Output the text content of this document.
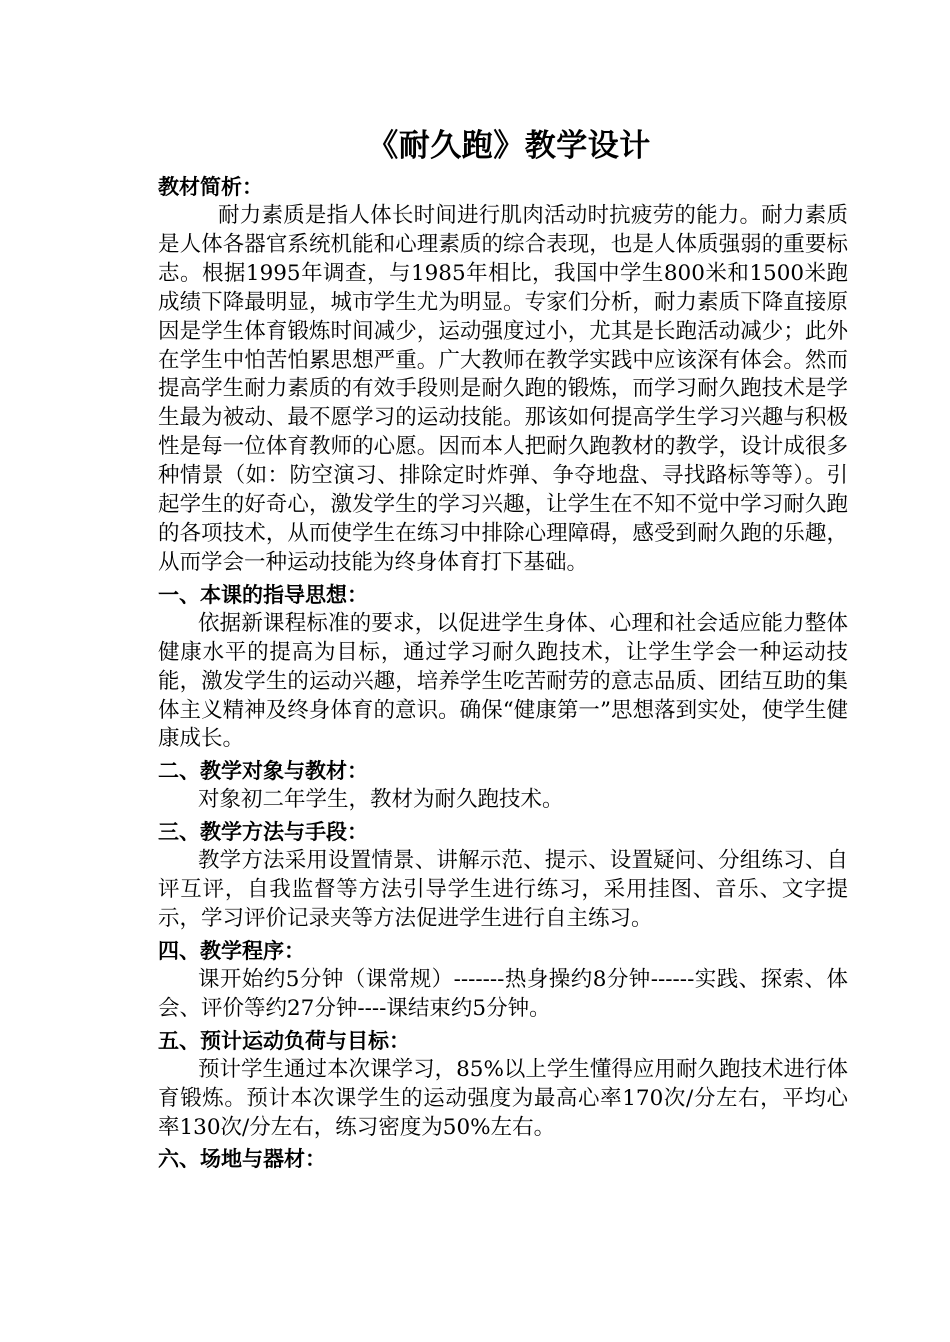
《耐久跑》教学设计
教材简析：

耐力素质是指人体长时间进行肌肉活动时抗疲劳的能力。耐力素质是人体各器官系统机能和心理素质的综合表现，也是人体质强弱的重要标志。根据1995年调查，与1985年相比，我国中学生800米和1500米跑成绩下降最明显，城市学生尤为明显。专家们分析，耐力素质下降直接原因是学生体育锻炼时间减少，运动强度过小，尤其是长跑活动减少；此外在学生中怕苦怕累思想严重。广大教师在教学实践中应该深有体会。然而提高学生耐力素质的有效手段则是耐久跑的锻炼，而学习耐久跑技术是学生最为被动、最不愿学习的运动技能。那该如何提高学生学习兴趣与积极性是每一位体育教师的心愿。因而本人把耐久跑教材的教学，设计成很多种情景（如：防空演习、排除定时炸弹、争夺地盘、寻找路标等等）。引起学生的好奇心，激发学生的学习兴趣，让学生在不知不觉中学习耐久跑的各项技术，从而使学生在练习中排除心理障碍，感受到耐久跑的乐趣，从而学会一种运动技能为终身体育打下基础。

一、本课的指导思想：

依据新课程标准的要求，以促进学生身体、心理和社会适应能力整体健康水平的提高为目标，通过学习耐久跑技术，让学生学会一种运动技能，激发学生的运动兴趣，培养学生吃苦耐劳的意志品质、团结互助的集体主义精神及终身体育的意识。确保“健康第一”思想落到实处，使学生健康成长。

二、教学对象与教材：

对象初二年学生，教材为耐久跑技术。

三、教学方法与手段：

教学方法采用设置情景、讲解示范、提示、设置疑问、分组练习、自评互评，自我监督等方法引导学生进行练习，采用挂图、音乐、文字提示，学习评价记录夹等方法促进学生进行自主练习。

四、教学程序：

课开始约5分钟（课常规）-------热身操约8分钟------实践、探索、体会、评价等约27分钟----课结束约5分钟。

五、预计运动负荷与目标：

预计学生通过本次课学习，85%以上学生懂得应用耐久跑技术进行体育锻炼。预计本次课学生的运动强度为最高心率170次/分左右，平均心率130次/分左右，练习密度为50%左右。

六、场地与器材：
